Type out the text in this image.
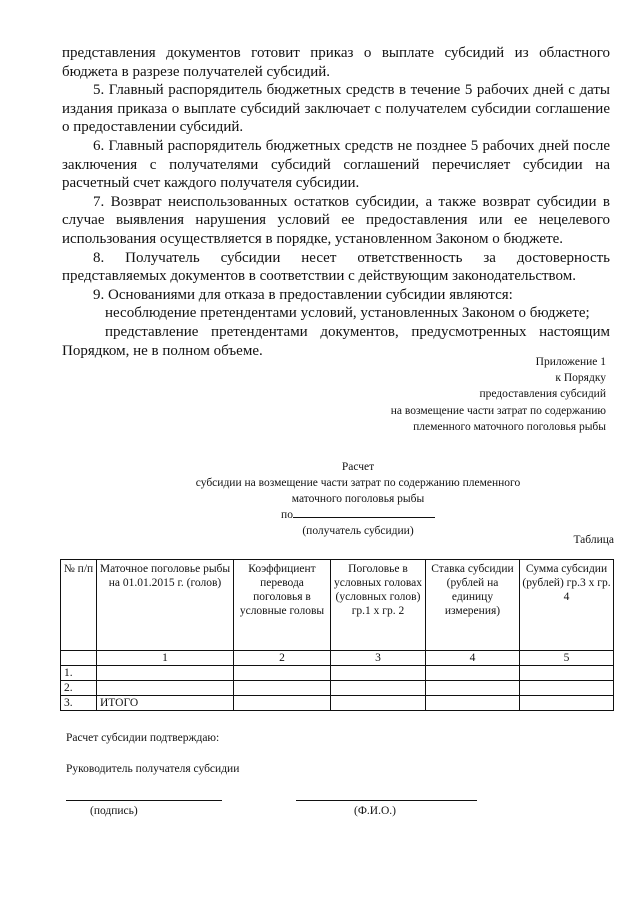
представления документов готовит приказ о выплате субсидий из областного бюджета в разрезе получателей субсидий.

5. Главный распорядитель бюджетных средств в течение 5 рабочих дней с даты издания приказа о выплате субсидий заключает с получателем субсидии соглашение о предоставлении субсидий.

6. Главный распорядитель бюджетных средств не позднее 5 рабочих дней после заключения с получателями субсидий соглашений перечисляет субсидии на расчетный счет каждого получателя субсидии.

7. Возврат неиспользованных остатков субсидии, а также возврат субсидии в случае выявления нарушения условий ее предоставления или ее нецелевого использования осуществляется в порядке, установленном Законом о бюджете.

8. Получатель субсидии несет ответственность за достоверность представляемых документов в соответствии с действующим законодательством.

9. Основаниями для отказа в предоставлении субсидии являются:

несоблюдение претендентами условий, установленных Законом о бюджете;

представление претендентами документов, предусмотренных настоящим Порядком, не в полном объеме.

Приложение 1
к Порядку
предоставления субсидий
на возмещение части затрат по содержанию
племенного маточного поголовья рыбы
Расчет
субсидии на возмещение части затрат по содержанию племенного
маточного поголовья рыбы
по
(получатель субсидии)
Таблица
№ п/п	Маточное поголовье рыбы на 01.01.2015 г. (голов)	Коэффициент перевода поголовья в условные головы	Поголовье в условных головах (условных голов) гр.1 х гр. 2	Ставка субсидии (рублей на единицу измерения)	Сумма субсидии (рублей) гр.3 х гр. 4
	1	2	3	4	5
1.					
2.					
3.	ИТОГО				
Расчет субсидии подтверждаю:
Руководитель получателя субсидии
(подпись)	(Ф.И.О.)
